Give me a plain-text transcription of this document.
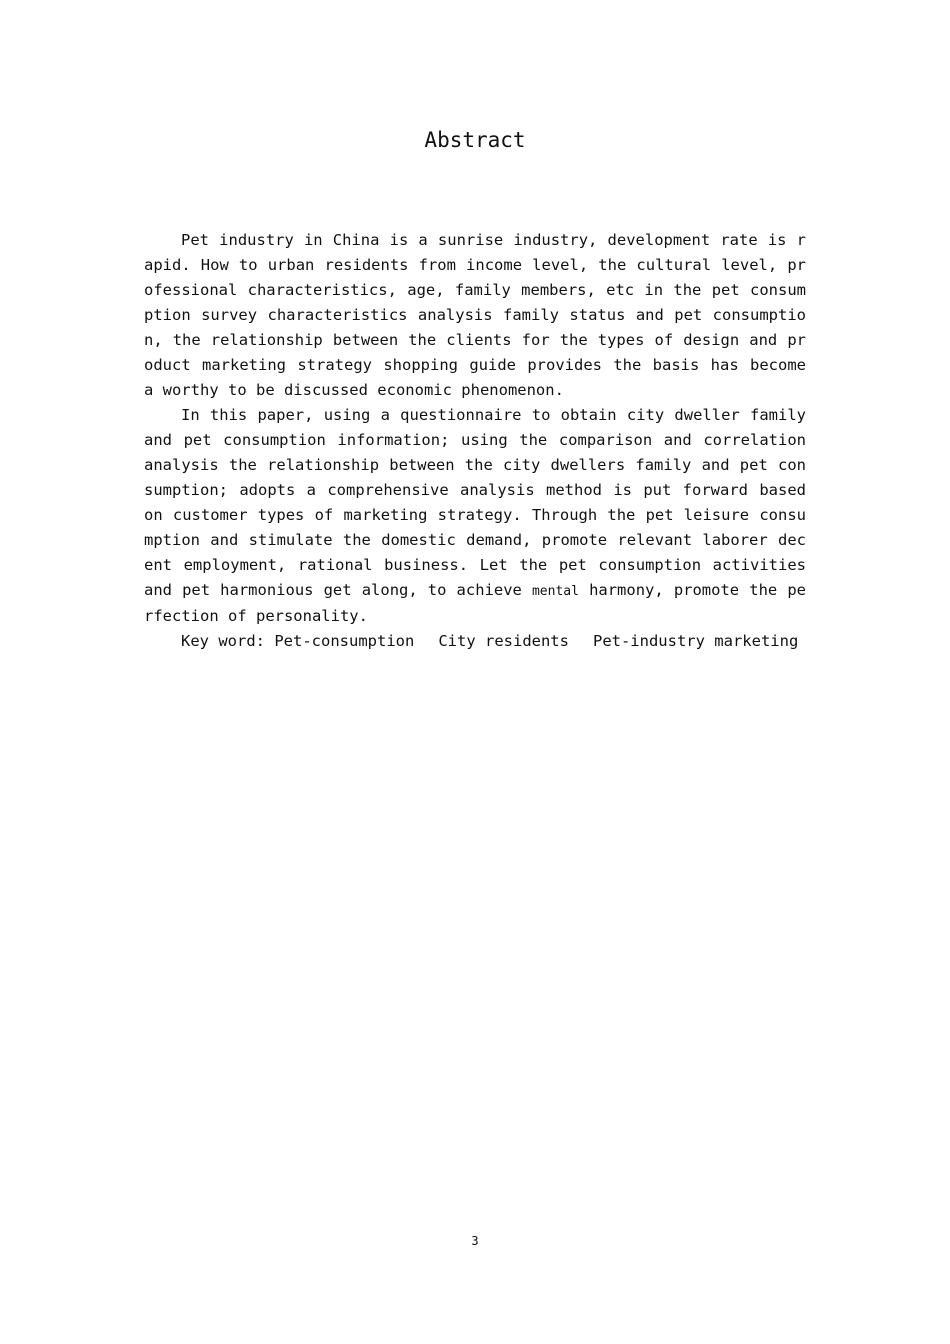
Abstract

Pet industry in China is a sunrise industry, development rate is rapid. How to urban residents from income level, the cultural level, professional characteristics, age, family members, etc in the pet consumption survey characteristics analysis family status and pet consumption, the relationship between the clients for the types of design and product marketing strategy shopping guide provides the basis has become a worthy to be discussed economic phenomenon.

In this paper, using a questionnaire to obtain city dweller family and pet consumption information; using the comparison and correlation analysis the relationship between the city dwellers family and pet consumption; adopts a comprehensive analysis method is put forward based on customer types of marketing strategy. Through the pet leisure consumption and stimulate the domestic demand, promote relevant laborer decent employment, rational business. Let the pet consumption activities and pet harmonious get along, to achieve mental harmony, promote the perfection of personality.

Key word: Pet-consumption City residents Pet-industry marketing

3
